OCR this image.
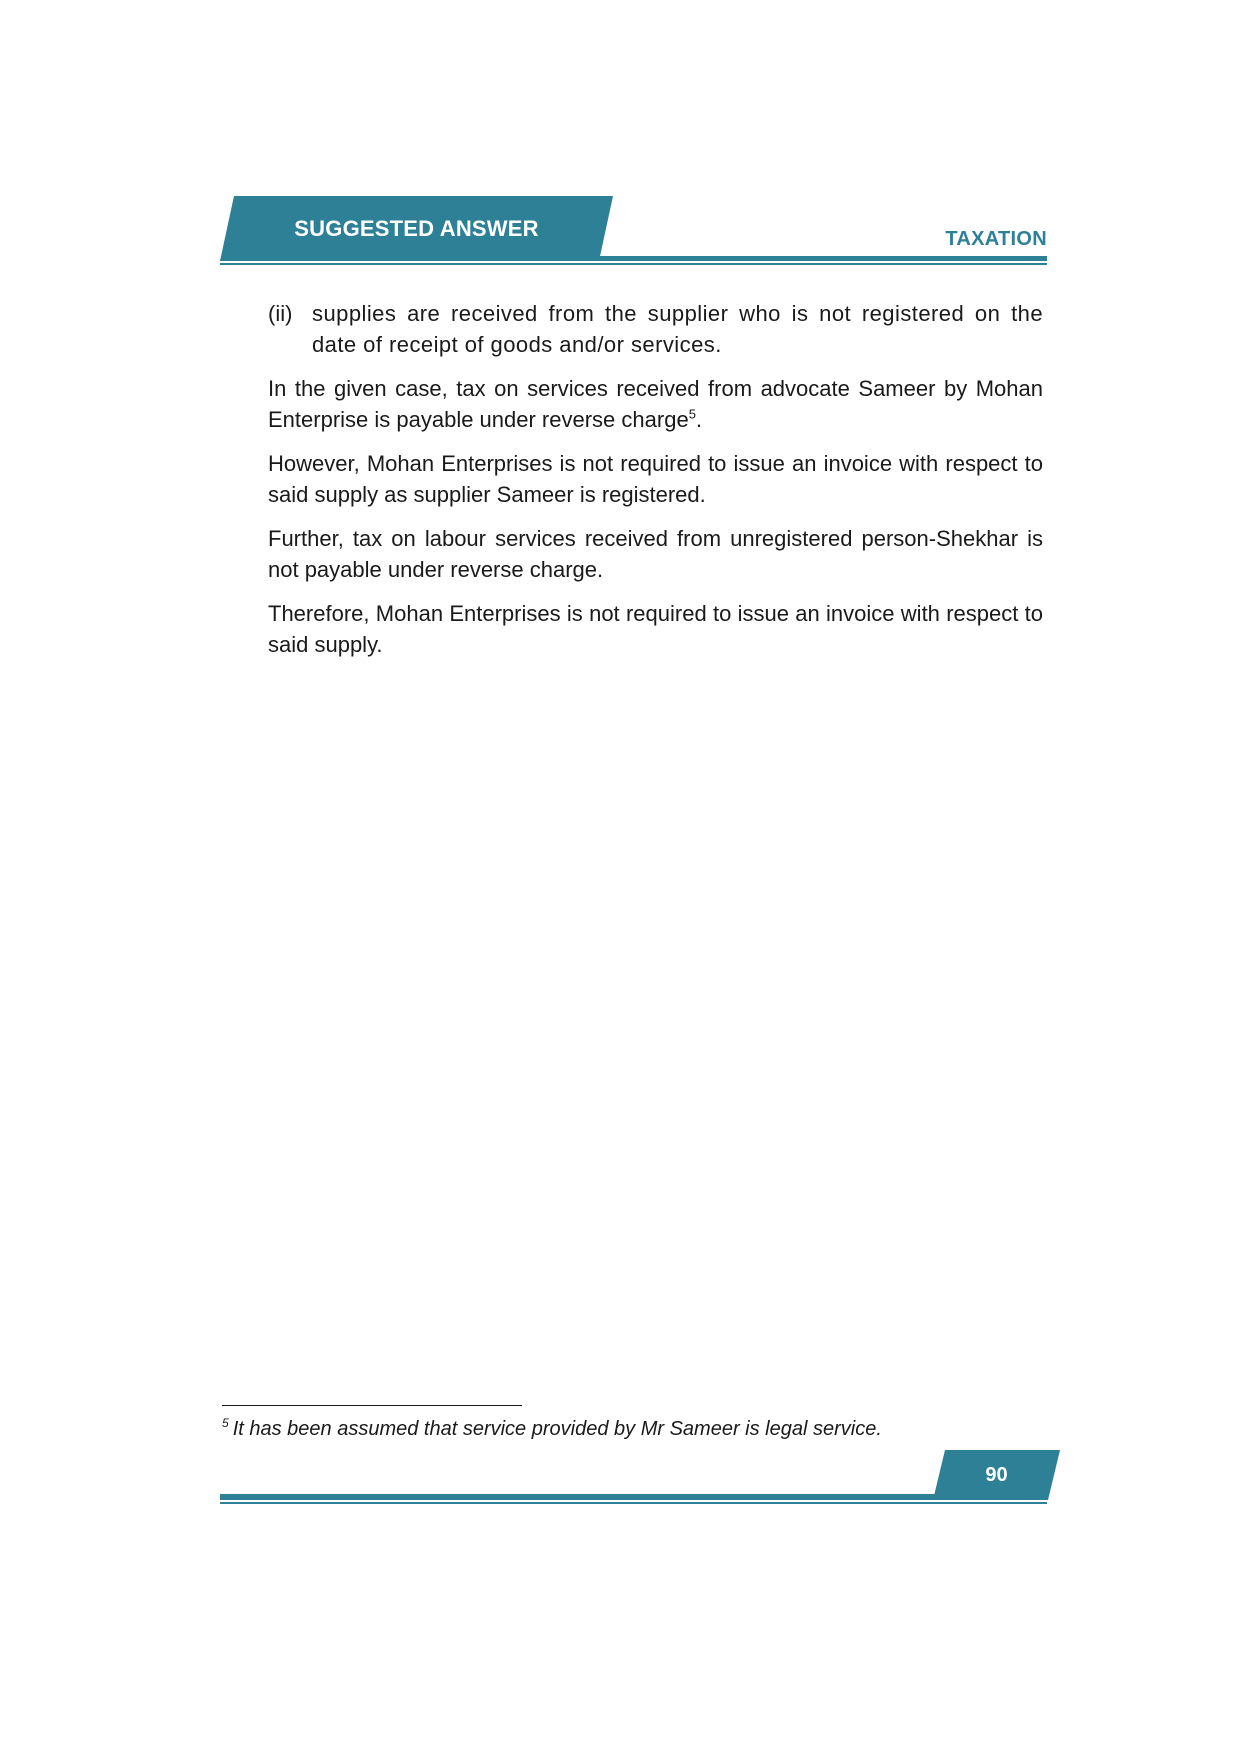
SUGGESTED ANSWER	TAXATION
(ii) supplies are received from the supplier who is not registered on the date of receipt of goods and/or services.

In the given case, tax on services received from advocate Sameer by Mohan Enterprise is payable under reverse charge$^5$.

However, Mohan Enterprises is not required to issue an invoice with respect to said supply as supplier Sameer is registered.

Further, tax on labour services received from unregistered person-Shekhar is not payable under reverse charge.

Therefore, Mohan Enterprises is not required to issue an invoice with respect to said supply.

$^5$ It has been assumed that service provided by Mr Sameer is legal service.
90
